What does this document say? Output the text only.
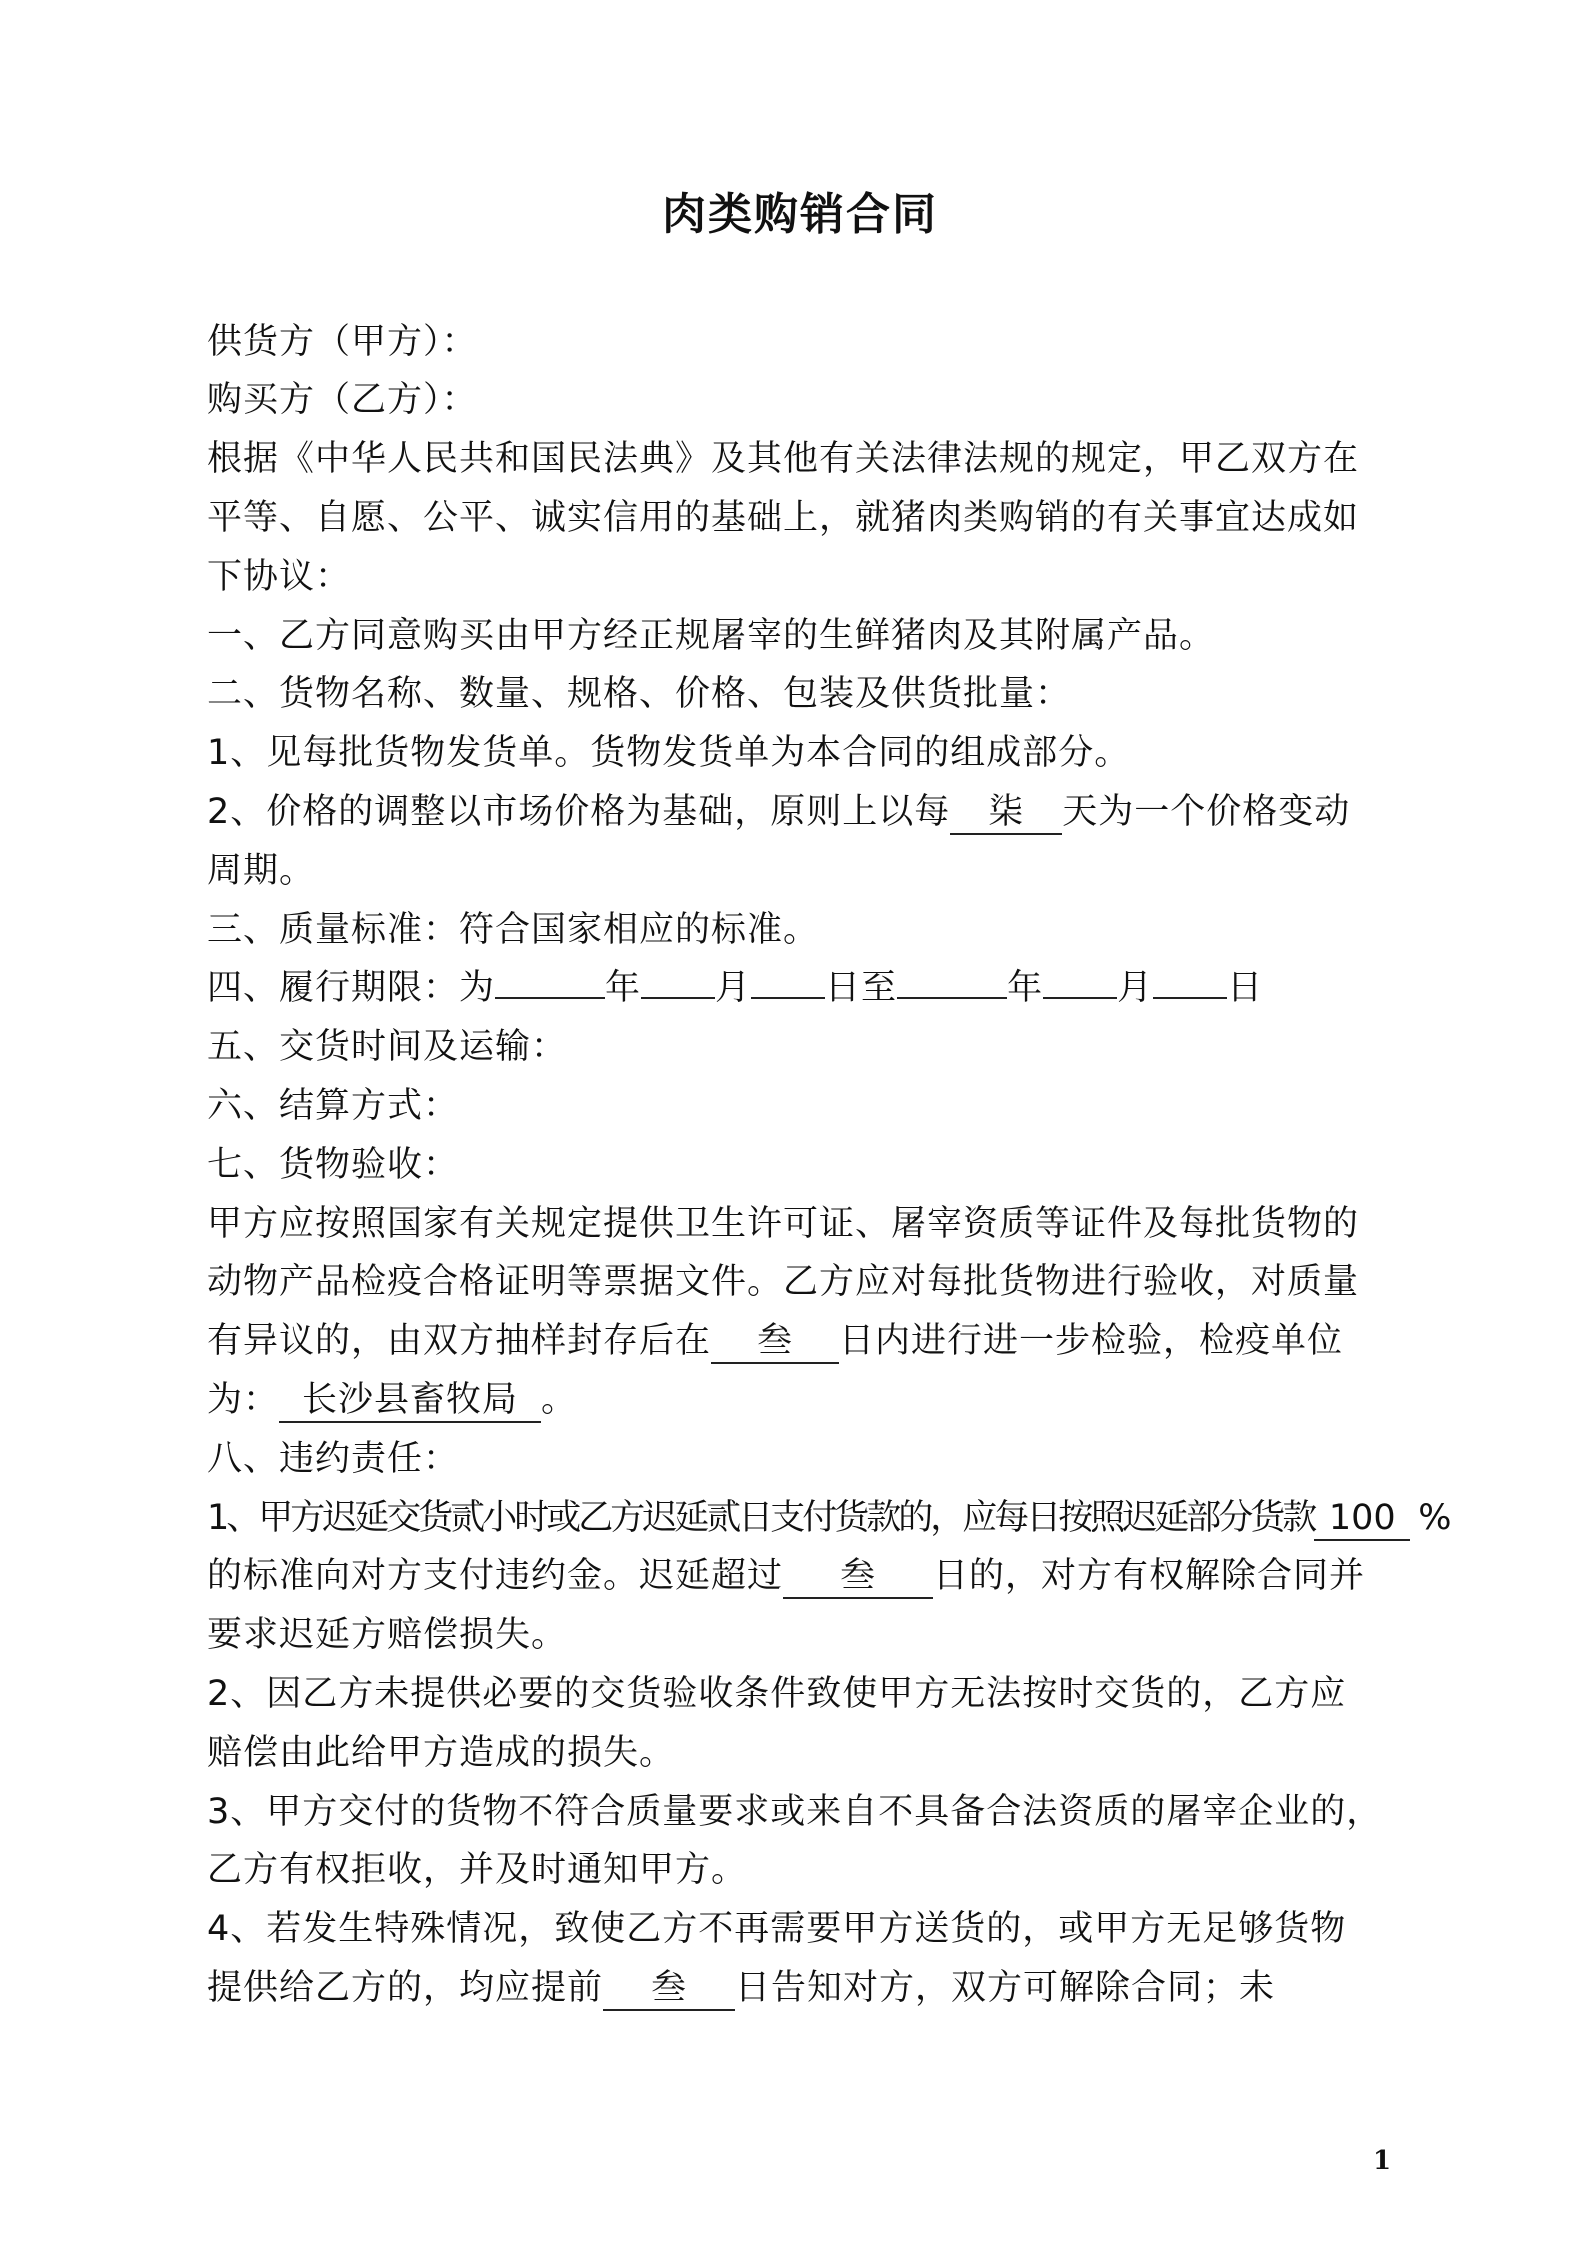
肉类购销合同
供货方（甲方）：
购买方（乙方）：
根据《中华人民共和国民法典》及其他有关法律法规的规定，甲乙双方在
平等、自愿、公平、诚实信用的基础上，就猪肉类购销的有关事宜达成如
下协议：
一、乙方同意购买由甲方经正规屠宰的生鲜猪肉及其附属产品。
二、货物名称、数量、规格、价格、包装及供货批量：
1、见每批货物发货单。货物发货单为本合同的组成部分。
2、价格的调整以市场价格为基础，原则上以每 柒 天为一个价格变动
周期。
三、质量标准：符合国家相应的标准。
四、履行期限：为	年 月 日至	年 月 日
五、交货时间及运输：
六、结算方式：
七、货物验收：
甲方应按照国家有关规定提供卫生许可证、屠宰资质等证件及每批货物的
动物产品检疫合格证明等票据文件。乙方应对每批货物进行验收，对质量
有异议的，由双方抽样封存后在 叁 日内进行进一步检验，检疫单位
为： 长沙县畜牧局 。
八、违约责任：
1、甲方迟延交货贰小时或乙方迟延贰日支付货款的，应每日按照迟延部分货款 100 %
的标准向对方支付违约金。迟延超过 叁 日的，对方有权解除合同并
要求迟延方赔偿损失。
2、因乙方未提供必要的交货验收条件致使甲方无法按时交货的，乙方应
赔偿由此给甲方造成的损失。
3、甲方交付的货物不符合质量要求或来自不具备合法资质的屠宰企业的，
乙方有权拒收，并及时通知甲方。
4、若发生特殊情况，致使乙方不再需要甲方送货的，或甲方无足够货物
提供给乙方的，均应提前 叁 日告知对方，双方可解除合同；未
1
